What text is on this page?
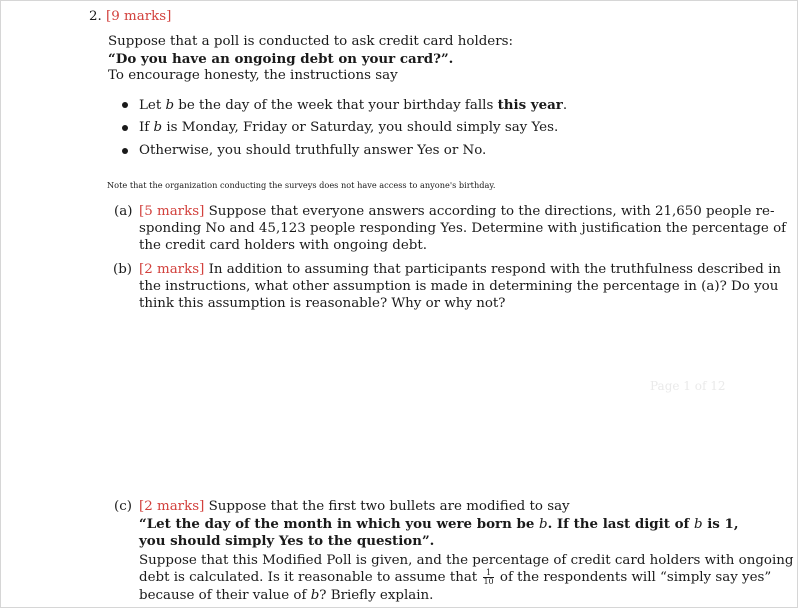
2. [9 marks]
Suppose that a poll is conducted to ask credit card holders:
“Do you have an ongoing debt on your card?”.
To encourage honesty, the instructions say
Let b be the day of the week that your birthday falls this year.
If b is Monday, Friday or Saturday, you should simply say Yes.
Otherwise, you should truthfully answer Yes or No.
Note that the organization conducting the surveys does not have access to anyone's birthday.
(a) [5 marks] Suppose that everyone answers according to the directions, with 21,650 people re-
sponding No and 45,123 people responding Yes. Determine with justification the percentage of
the credit card holders with ongoing debt.
(b) [2 marks] In addition to assuming that participants respond with the truthfulness described in
the instructions, what other assumption is made in determining the percentage in (a)? Do you
think this assumption is reasonable? Why or why not?
Page 1 of 12
(c) [2 marks] Suppose that the first two bullets are modified to say
“Let the day of the month in which you were born be b. If the last digit of b is 1,
you should simply Yes to the question”.
Suppose that this Modified Poll is given, and the percentage of credit card holders with ongoing
debt is calculated. Is it reasonable to assume that $\frac{1}{10}$ of the respondents will “simply say yes”
because of their value of b? Briefly explain.
